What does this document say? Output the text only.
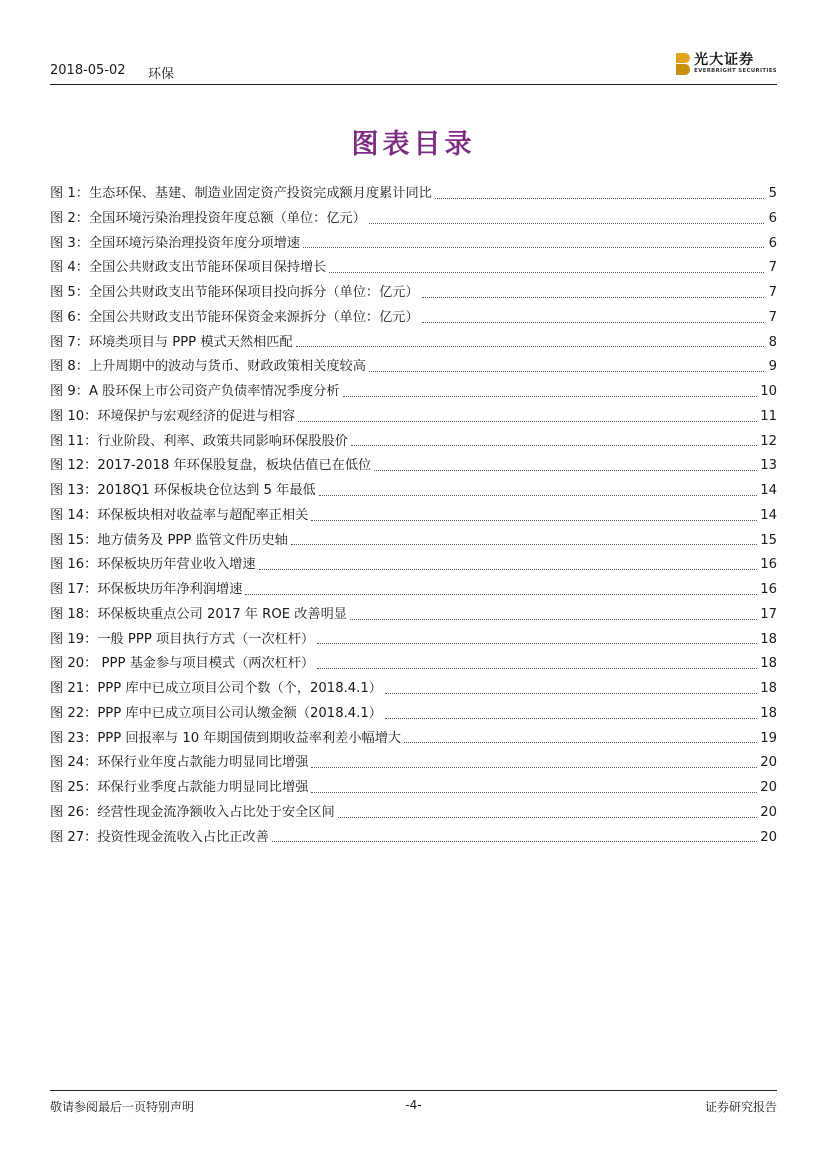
2018-05-02 环保
光大证券
EVERBRIGHT SECURITIES
图表目录
图 1：生态环保、基建、制造业固定资产投资完成额月度累计同比	5
图 2：全国环境污染治理投资年度总额（单位：亿元）	6
图 3：全国环境污染治理投资年度分项增速	6
图 4：全国公共财政支出节能环保项目保持增长	7
图 5：全国公共财政支出节能环保项目投向拆分（单位：亿元）	7
图 6：全国公共财政支出节能环保资金来源拆分（单位：亿元）	7
图 7：环境类项目与 PPP 模式天然相匹配	8
图 8：上升周期中的波动与货币、财政政策相关度较高	9
图 9：A 股环保上市公司资产负债率情况季度分析	10
图 10：环境保护与宏观经济的促进与相容	11
图 11：行业阶段、利率、政策共同影响环保股股价	12
图 12：2017-2018 年环保股复盘，板块估值已在低位	13
图 13：2018Q1 环保板块仓位达到 5 年最低	14
图 14：环保板块相对收益率与超配率正相关	14
图 15：地方债务及 PPP 监管文件历史轴	15
图 16：环保板块历年营业收入增速	16
图 17：环保板块历年净利润增速	16
图 18：环保板块重点公司 2017 年 ROE 改善明显	17
图 19：一般 PPP 项目执行方式（一次杠杆）	18
图 20： PPP 基金参与项目模式（两次杠杆）	18
图 21：PPP 库中已成立项目公司个数（个，2018.4.1）	18
图 22：PPP 库中已成立项目公司认缴金额（2018.4.1）	18
图 23：PPP 回报率与 10 年期国债到期收益率利差小幅增大	19
图 24：环保行业年度占款能力明显同比增强	20
图 25：环保行业季度占款能力明显同比增强	20
图 26：经营性现金流净额收入占比处于安全区间	20
图 27：投资性现金流收入占比正改善	20
敬请参阅最后一页特别声明	-4-	证券研究报告
